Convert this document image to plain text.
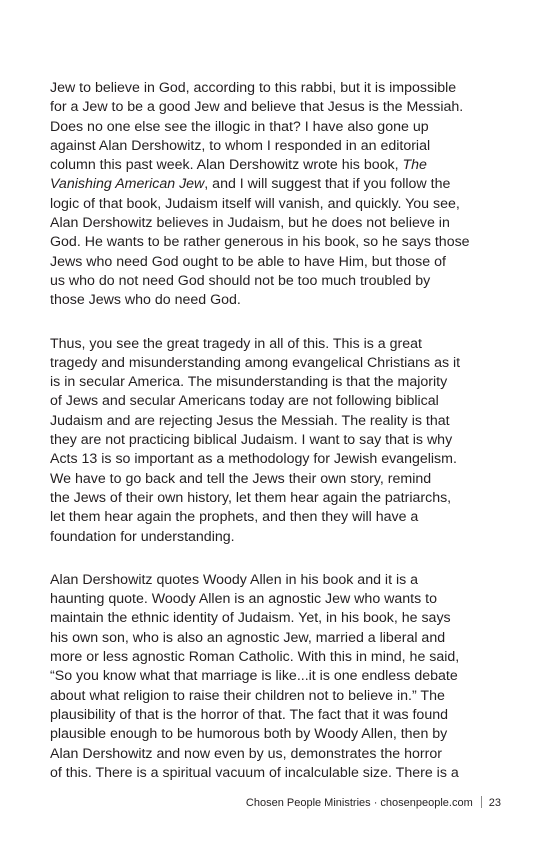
Jew to believe in God, according to this rabbi, but it is impossible
for a Jew to be a good Jew and believe that Jesus is the Messiah.
Does no one else see the illogic in that? I have also gone up
against Alan Dershowitz, to whom I responded in an editorial
column this past week. Alan Dershowitz wrote his book, The
Vanishing American Jew, and I will suggest that if you follow the
logic of that book, Judaism itself will vanish, and quickly. You see,
Alan Dershowitz believes in Judaism, but he does not believe in
God. He wants to be rather generous in his book, so he says those
Jews who need God ought to be able to have Him, but those of
us who do not need God should not be too much troubled by
those Jews who do need God.

Thus, you see the great tragedy in all of this. This is a great
tragedy and misunderstanding among evangelical Christians as it
is in secular America. The misunderstanding is that the majority
of Jews and secular Americans today are not following biblical
Judaism and are rejecting Jesus the Messiah. The reality is that
they are not practicing biblical Judaism. I want to say that is why
Acts 13 is so important as a methodology for Jewish evangelism.
We have to go back and tell the Jews their own story, remind
the Jews of their own history, let them hear again the patriarchs,
let them hear again the prophets, and then they will have a
foundation for understanding.

Alan Dershowitz quotes Woody Allen in his book and it is a
haunting quote. Woody Allen is an agnostic Jew who wants to
maintain the ethnic identity of Judaism. Yet, in his book, he says
his own son, who is also an agnostic Jew, married a liberal and
more or less agnostic Roman Catholic. With this in mind, he said,
“So you know what that marriage is like...it is one endless debate
about what religion to raise their children not to believe in.” The
plausibility of that is the horror of that. The fact that it was found
plausible enough to be humorous both by Woody Allen, then by
Alan Dershowitz and now even by us, demonstrates the horror
of this. There is a spiritual vacuum of incalculable size. There is a

Chosen People Ministries · chosenpeople.com 23
